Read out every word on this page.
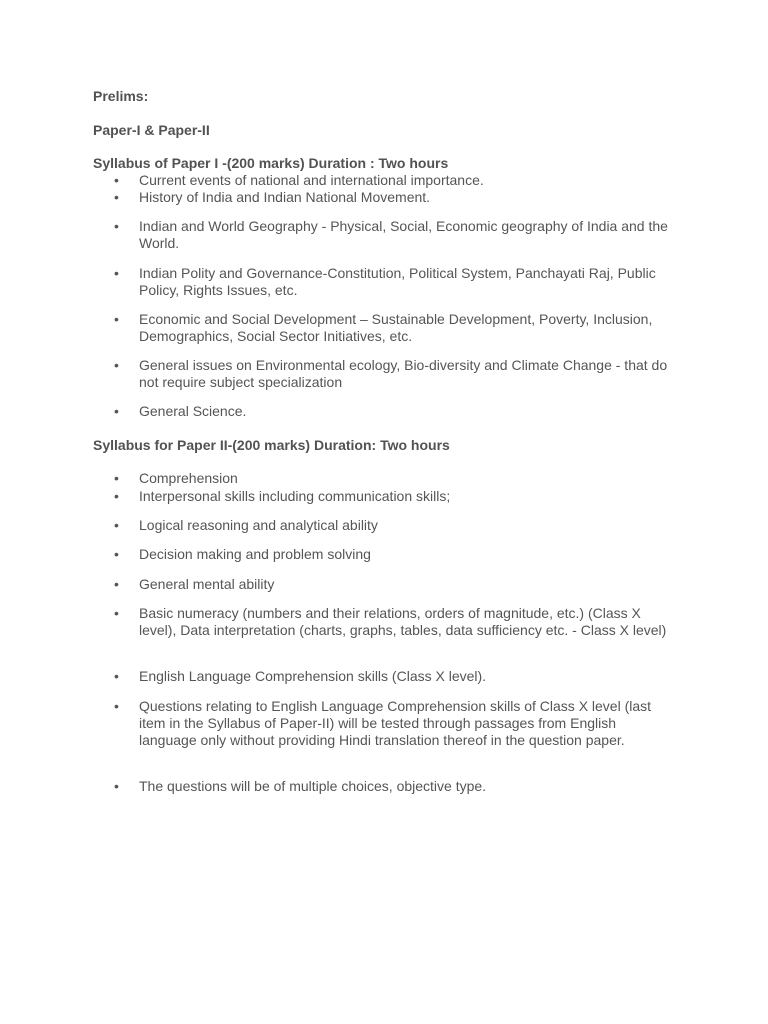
Prelims:
Paper-I & Paper-II
Syllabus of Paper I -(200 marks) Duration : Two hours
•	Current events of national and international importance.
•	History of India and Indian National Movement.
•	Indian and World Geography - Physical, Social, Economic geography of India and the World.
•	Indian Polity and Governance-Constitution, Political System, Panchayati Raj, Public Policy, Rights Issues, etc.
•	Economic and Social Development – Sustainable Development, Poverty, Inclusion, Demographics, Social Sector Initiatives, etc.
•	General issues on Environmental ecology, Bio-diversity and Climate Change - that do not require subject specialization
•	General Science.
Syllabus for Paper II-(200 marks) Duration: Two hours
•	Comprehension
•	Interpersonal skills including communication skills;
•	Logical reasoning and analytical ability
•	Decision making and problem solving
•	General mental ability
•	Basic numeracy (numbers and their relations, orders of magnitude, etc.) (Class X level), Data interpretation (charts, graphs, tables, data sufficiency etc. - Class X level)
•	English Language Comprehension skills (Class X level).
•	Questions relating to English Language Comprehension skills of Class X level (last item in the Syllabus of Paper-II) will be tested through passages from English language only without providing Hindi translation thereof in the question paper.
•	The questions will be of multiple choices, objective type.
